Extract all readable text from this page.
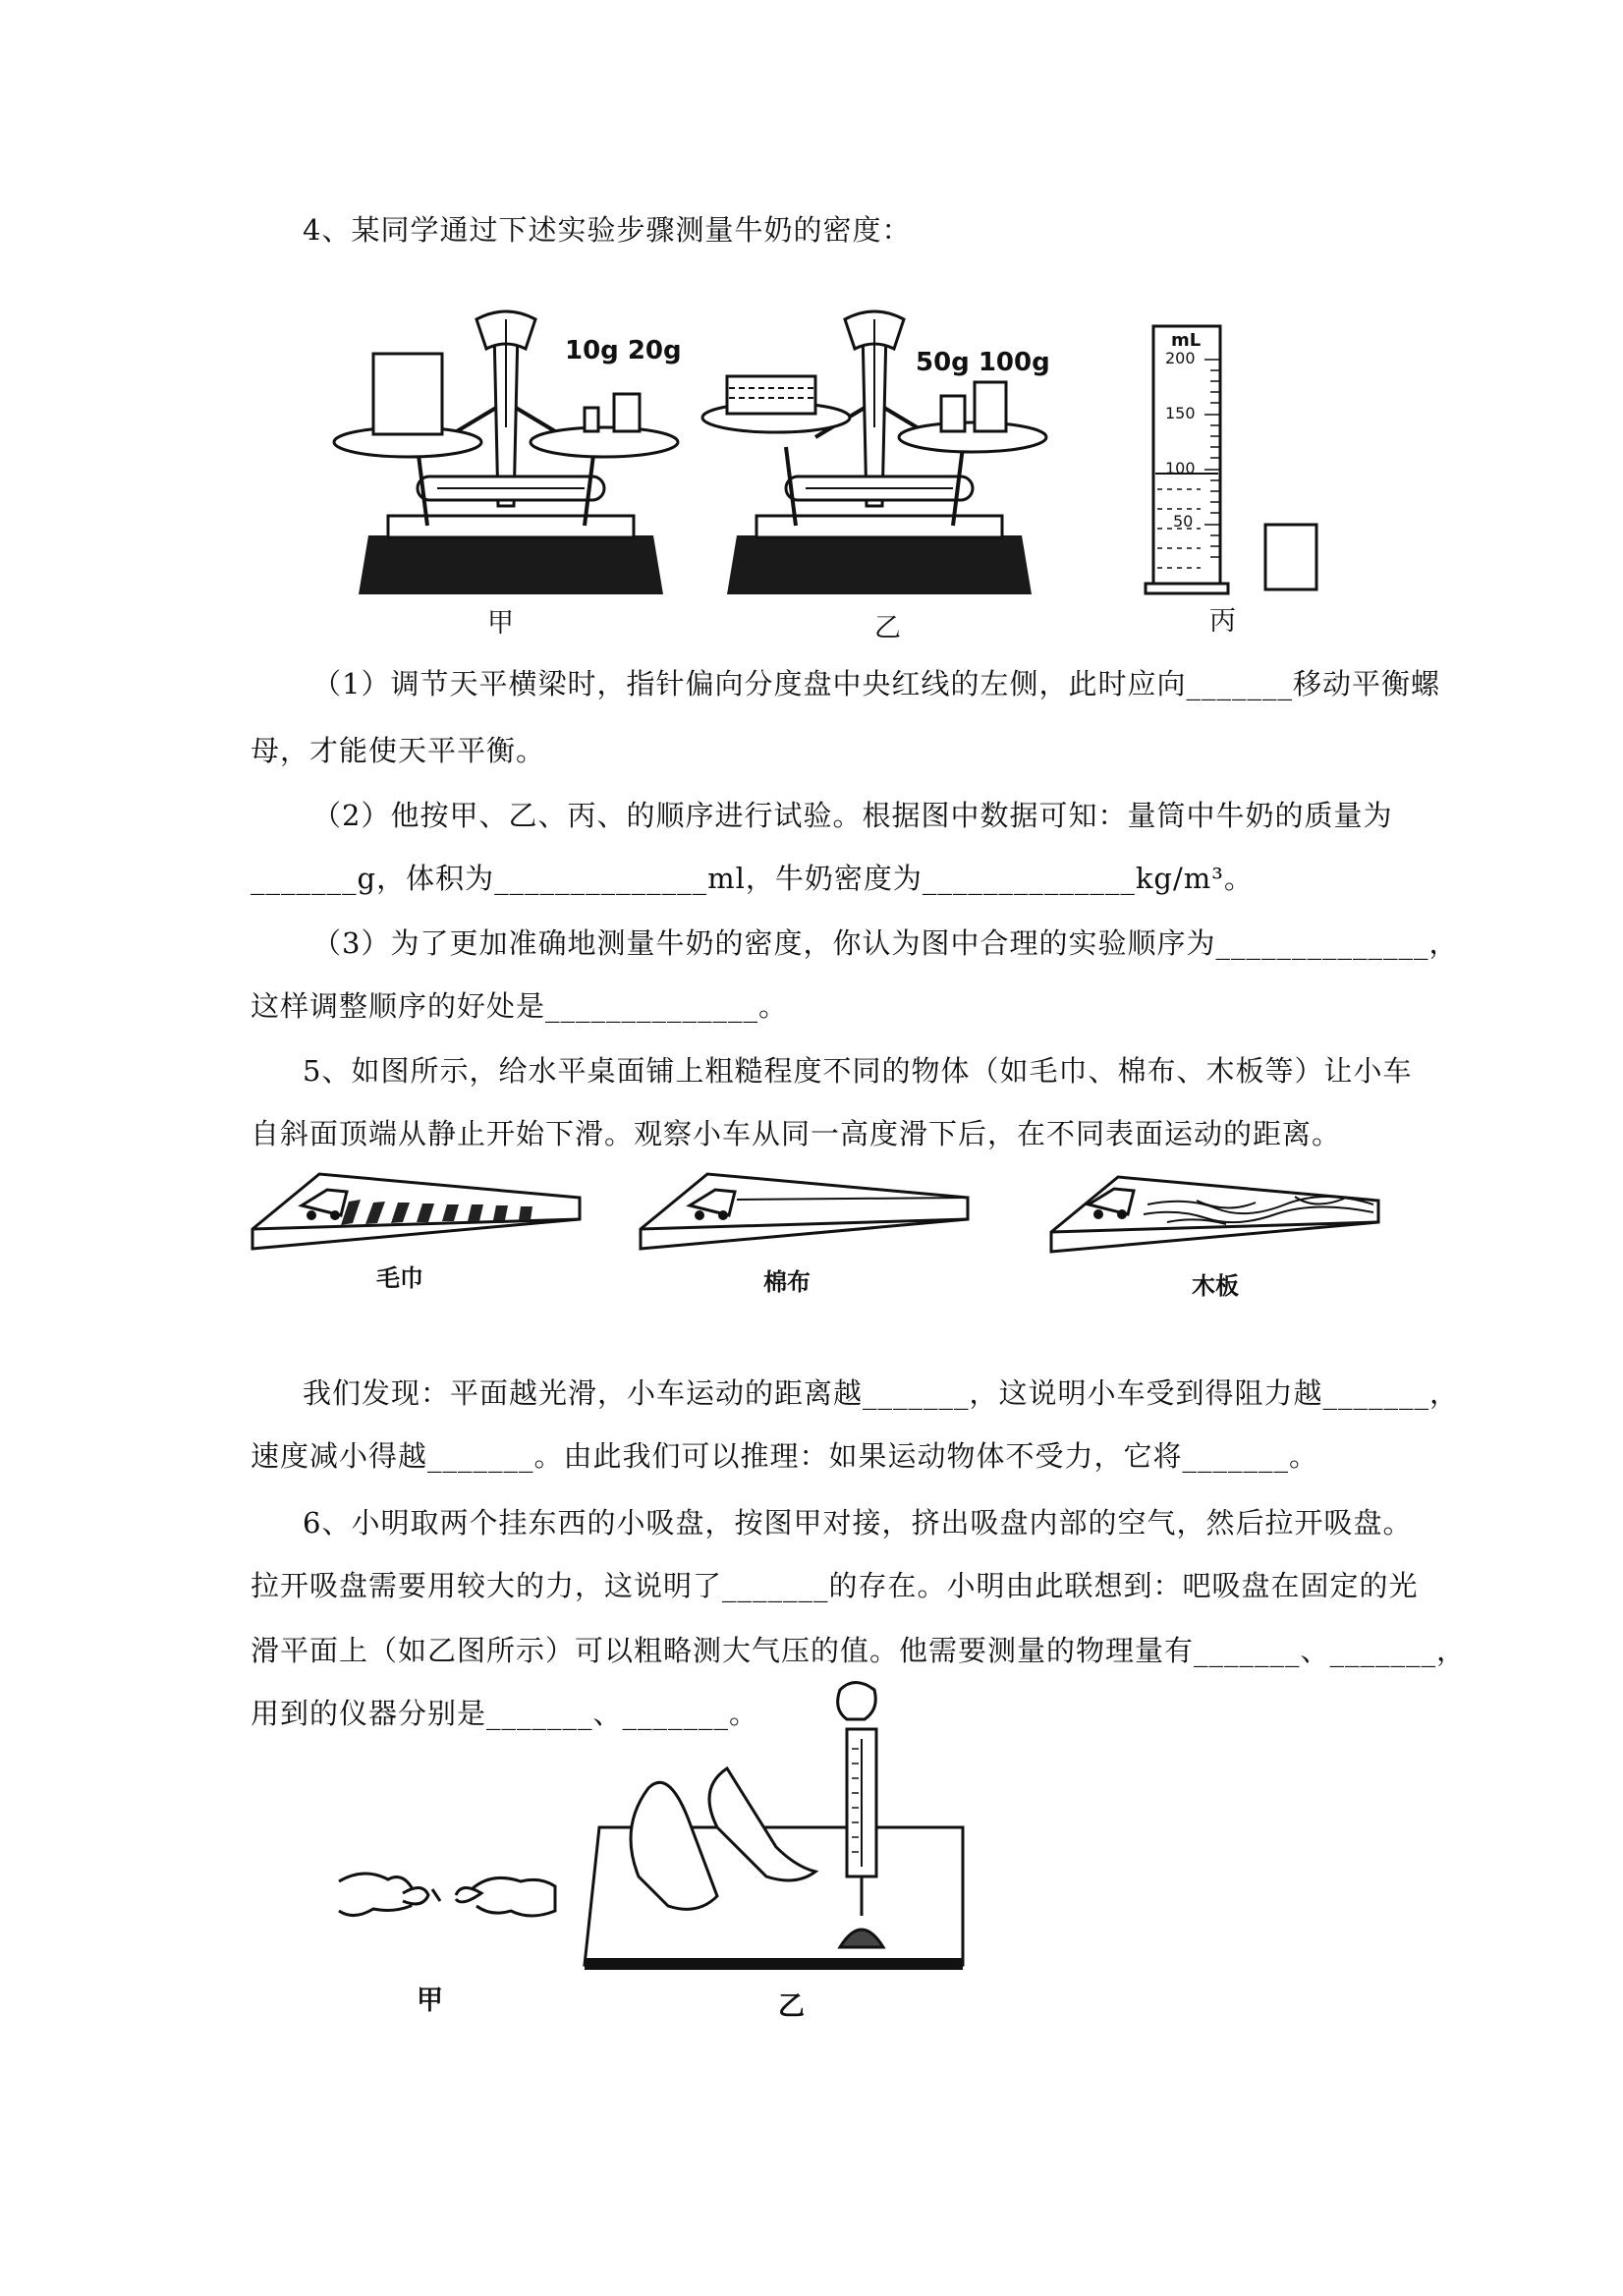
4、某同学通过下述实验步骤测量牛奶的密度：
10g 20g
甲
50g 100g
乙
mL
200
150
100
50
丙
（1）调节天平横梁时，指针偏向分度盘中央红线的左侧，此时应向_______移动平衡螺
母，才能使天平平衡。
（2）他按甲、乙、丙、的顺序进行试验。根据图中数据可知：量筒中牛奶的质量为
_______g，体积为______________ml，牛奶密度为______________kg/m³。
（3）为了更加准确地测量牛奶的密度，你认为图中合理的实验顺序为______________，
这样调整顺序的好处是______________。
5、如图所示，给水平桌面铺上粗糙程度不同的物体（如毛巾、棉布、木板等）让小车
自斜面顶端从静止开始下滑。观察小车从同一高度滑下后，在不同表面运动的距离。
毛巾	棉布	木板
我们发现：平面越光滑，小车运动的距离越_______，这说明小车受到得阻力越_______，
速度减小得越_______。由此我们可以推理：如果运动物体不受力，它将_______。
6、小明取两个挂东西的小吸盘，按图甲对接，挤出吸盘内部的空气，然后拉开吸盘。
拉开吸盘需要用较大的力，这说明了_______的存在。小明由此联想到：吧吸盘在固定的光
滑平面上（如乙图所示）可以粗略测大气压的值。他需要测量的物理量有_______、_______，
用到的仪器分别是_______、_______。
甲	乙
